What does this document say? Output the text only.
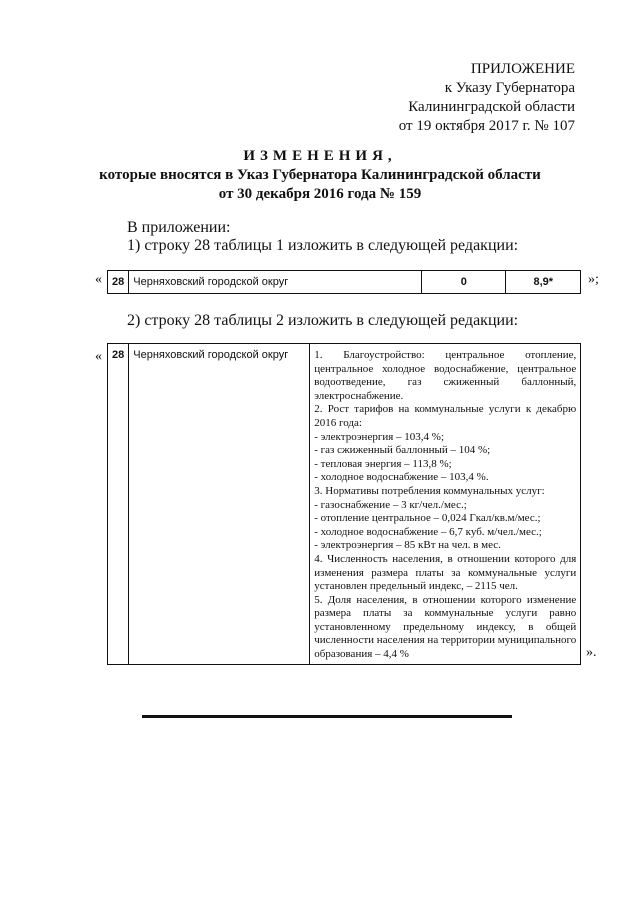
ПРИЛОЖЕНИЕ
к Указу Губернатора
Калининградской области
от 19 октября 2017 г. № 107
ИЗМЕНЕНИЯ,
которые вносятся в Указ Губернатора Калининградской области
от 30 декабря 2016 года № 159
В приложении:
1) строку 28 таблицы 1 изложить в следующей редакции:
« 28	Черняховский городской округ	0	8,9* »;
2) строку 28 таблицы 2 изложить в следующей редакции:
« 28	Черняховский городской округ	1. Благоустройство: центральное отопление, центральное холодное водоснабжение, центральное водоотведение, газ сжиженный баллонный, электроснабжение.
2. Рост тарифов на коммунальные услуги к декабрю 2016 года:
- электроэнергия – 103,4 %;
- газ сжиженный баллонный – 104 %;
- тепловая энергия – 113,8 %;
- холодное водоснабжение – 103,4 %.
3. Нормативы потребления коммунальных услуг:
- газоснабжение – 3 кг/чел./мес.;
- отопление центральное – 0,024 Гкал/кв.м/мес.;
- холодное водоснабжение – 6,7 куб. м/чел./мес.;
- электроэнергия – 85 кВт на чел. в мес.
4. Численность населения, в отношении которого для изменения размера платы за коммунальные услуги установлен предельный индекс, – 2115 чел.
5. Доля населения, в отношении которого изменение размера платы за коммунальные услуги равно установленному предельному индексу, в общей численности населения на территории муниципального образования – 4,4 %	».
